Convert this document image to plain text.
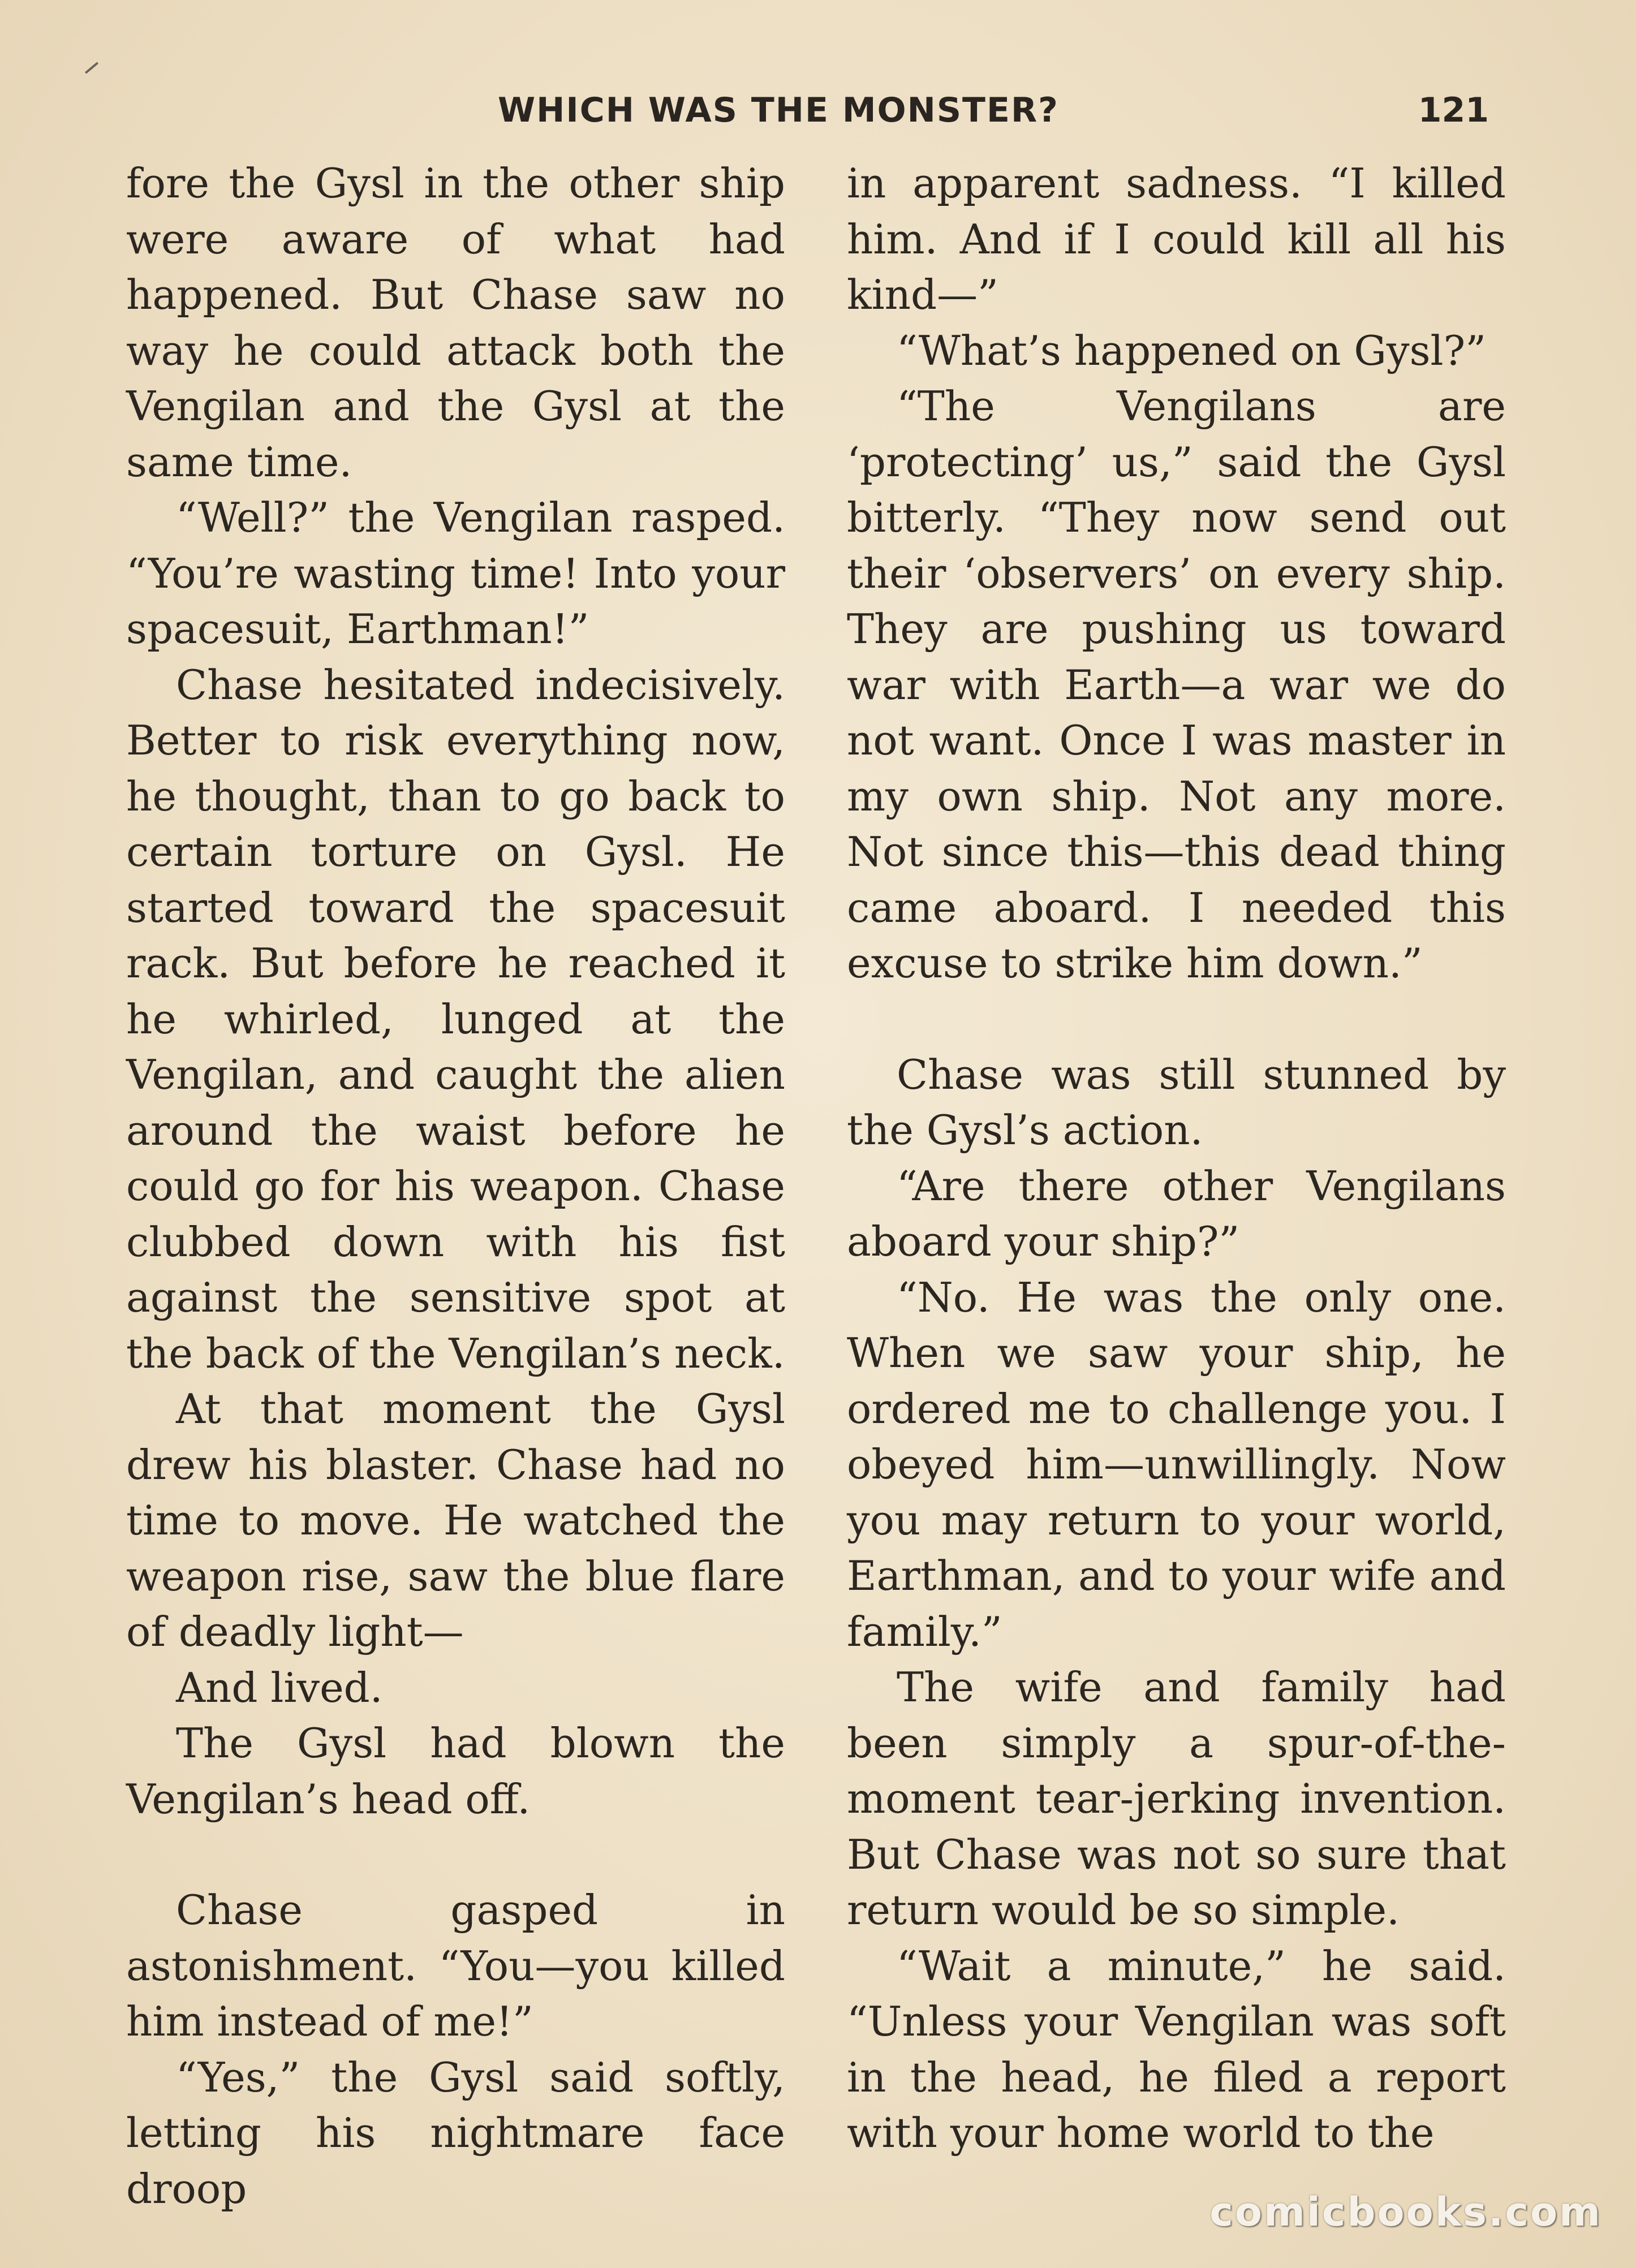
WHICH WAS THE MONSTER?	121

fore the Gysl in the other ship were aware of what had happened. But Chase saw no way he could attack both the Vengilan and the Gysl at the same time.

“Well?” the Vengilan rasped. “You’re wasting time! Into your spacesuit, Earthman!”

Chase hesitated indecisively. Better to risk everything now, he thought, than to go back to certain torture on Gysl. He started toward the spacesuit rack. But before he reached it he whirled, lunged at the Vengilan, and caught the alien around the waist before he could go for his weapon. Chase clubbed down with his fist against the sensitive spot at the back of the Vengilan’s neck.

At that moment the Gysl drew his blaster. Chase had no time to move. He watched the weapon rise, saw the blue flare of deadly light—

And lived.

The Gysl had blown the Vengilan’s head off.

Chase gasped in astonishment. “You—you killed him instead of me!”

“Yes,” the Gysl said softly, letting his nightmare face droop

in apparent sadness. “I killed him. And if I could kill all his kind—”

“What’s happened on Gysl?”

“The Vengilans are ‘protecting’ us,” said the Gysl bitterly. “They now send out their ‘observers’ on every ship. They are pushing us toward war with Earth—a war we do not want. Once I was master in my own ship. Not any more. Not since this—this dead thing came aboard. I needed this excuse to strike him down.”

Chase was still stunned by the Gysl’s action.

“Are there other Vengilans aboard your ship?”

“No. He was the only one. When we saw your ship, he ordered me to challenge you. I obeyed him—unwillingly. Now you may return to your world, Earthman, and to your wife and family.”

The wife and family had been simply a spur-of-the-moment tear-jerking invention. But Chase was not so sure that return would be so simple.

“Wait a minute,” he said. “Unless your Vengilan was soft in the head, he filed a report with your home world to the

comicbooks.com
